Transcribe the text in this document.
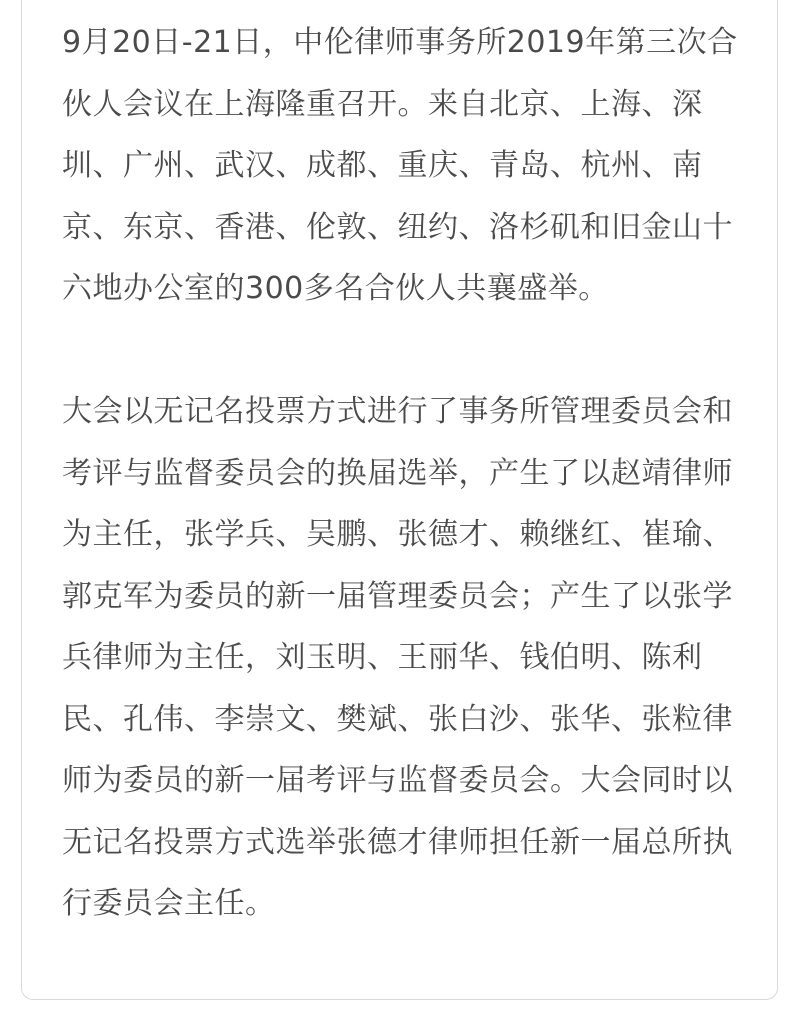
9月20日-21日，中伦律师事务所2019年第三次合伙人会议在上海隆重召开。来自北京、上海、深圳、广州、武汉、成都、重庆、青岛、杭州、南京、东京、香港、伦敦、纽约、洛杉矶和旧金山十六地办公室的300多名合伙人共襄盛举。

大会以无记名投票方式进行了事务所管理委员会和考评与监督委员会的换届选举，产生了以赵靖律师为主任，张学兵、吴鹏、张德才、赖继红、崔瑜、郭克军为委员的新一届管理委员会；产生了以张学兵律师为主任，刘玉明、王丽华、钱伯明、陈利民、孔伟、李崇文、樊斌、张白沙、张华、张粒律师为委员的新一届考评与监督委员会。大会同时以无记名投票方式选举张德才律师担任新一届总所执行委员会主任。
